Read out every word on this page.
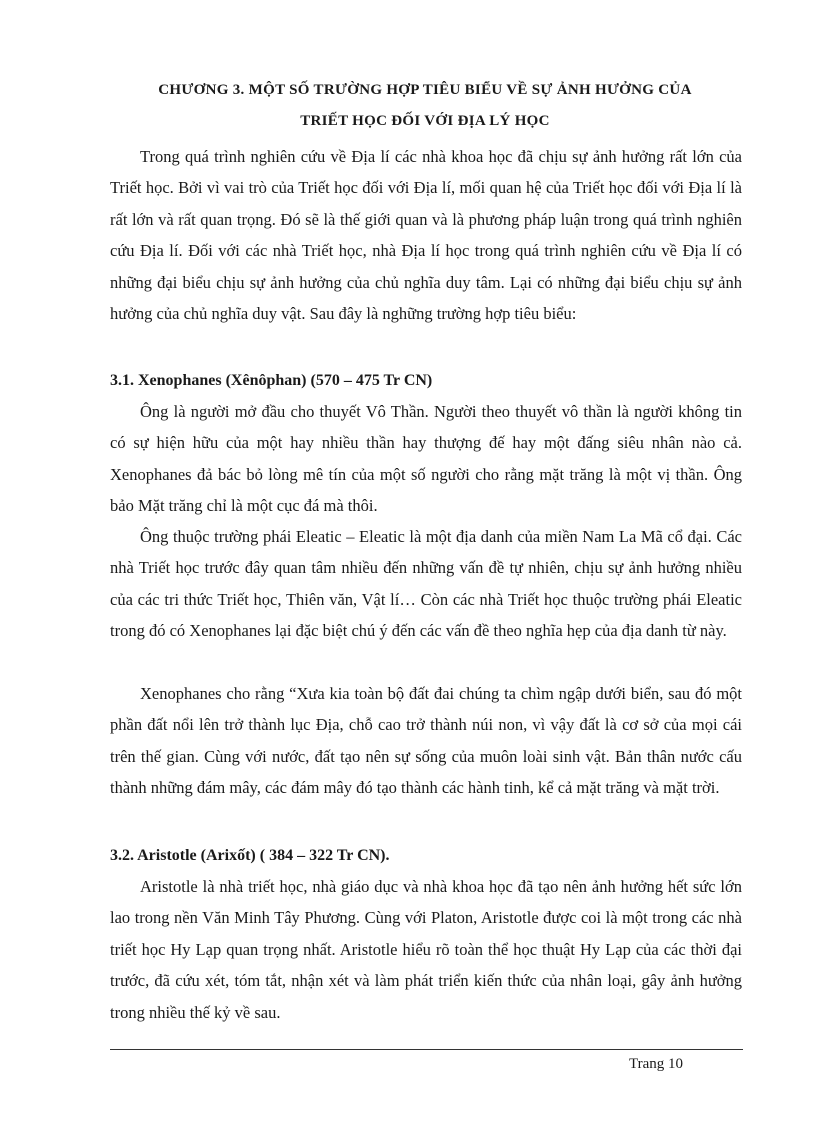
CHƯƠNG 3. MỘT SỐ TRƯỜNG HỢP TIÊU BIỂU VỀ SỰ ẢNH HƯỞNG CỦA
TRIẾT HỌC ĐỐI VỚI ĐỊA LÝ HỌC

Trong quá trình nghiên cứu về Địa lí các nhà khoa học đã chịu sự ảnh hưởng rất lớn của Triết học. Bởi vì vai trò của Triết học đối với Địa lí, mối quan hệ của Triết học đối với Địa lí là rất lớn và rất quan trọng. Đó sẽ là thế giới quan và là phương pháp luận trong quá trình nghiên cứu Địa lí. Đối với các nhà Triết học, nhà Địa lí học trong quá trình nghiên cứu về Địa lí có những đại biểu chịu sự ảnh hưởng của chủ nghĩa duy tâm. Lại có những đại biểu chịu sự ảnh hưởng của chủ nghĩa duy vật. Sau đây là nghững trường hợp tiêu biểu:

3.1. Xenophanes (Xênôphan) (570 – 475 Tr CN)

Ông là người mở đầu cho thuyết Vô Thần. Người theo thuyết vô thần là người không tin có sự hiện hữu của một hay nhiều thần hay thượng đế hay một đấng siêu nhân nào cả. Xenophanes đả bác bỏ lòng mê tín của một số người cho rằng mặt trăng là một vị thần. Ông bảo Mặt trăng chỉ là một cục đá mà thôi.

Ông thuộc trường phái Eleatic – Eleatic là một địa danh của miền Nam La Mã cổ đại. Các nhà Triết học trước đây quan tâm nhiều đến những vấn đề tự nhiên, chịu sự ảnh hưởng nhiều của các tri thức Triết học, Thiên văn, Vật lí… Còn các nhà Triết học thuộc trường phái Eleatic trong đó có Xenophanes lại đặc biệt chú ý đến các vấn đề theo nghĩa hẹp của địa danh từ này.

Xenophanes cho rằng “Xưa kia toàn bộ đất đai chúng ta chìm ngập dưới biển, sau đó một phần đất nổi lên trở thành lục Địa, chỗ cao trở thành núi non, vì vậy đất là cơ sở của mọi cái trên thế gian. Cùng với nước, đất tạo nên sự sống của muôn loài sinh vật. Bản thân nước cấu thành những đám mây, các đám mây đó tạo thành các hành tinh, kể cả mặt trăng và mặt trời.

3.2. Aristotle (Arixốt) ( 384 – 322 Tr CN).

Aristotle là nhà triết học, nhà giáo dục và nhà khoa học đã tạo nên ảnh hưởng hết sức lớn lao trong nền Văn Minh Tây Phương. Cùng với Platon, Aristotle được coi là một trong các nhà triết học Hy Lạp quan trọng nhất. Aristotle hiểu rõ toàn thể học thuật Hy Lạp của các thời đại trước, đã cứu xét, tóm tắt, nhận xét và làm phát triển kiến thức của nhân loại, gây ảnh hưởng trong nhiều thế kỷ về sau.

Trang 10
